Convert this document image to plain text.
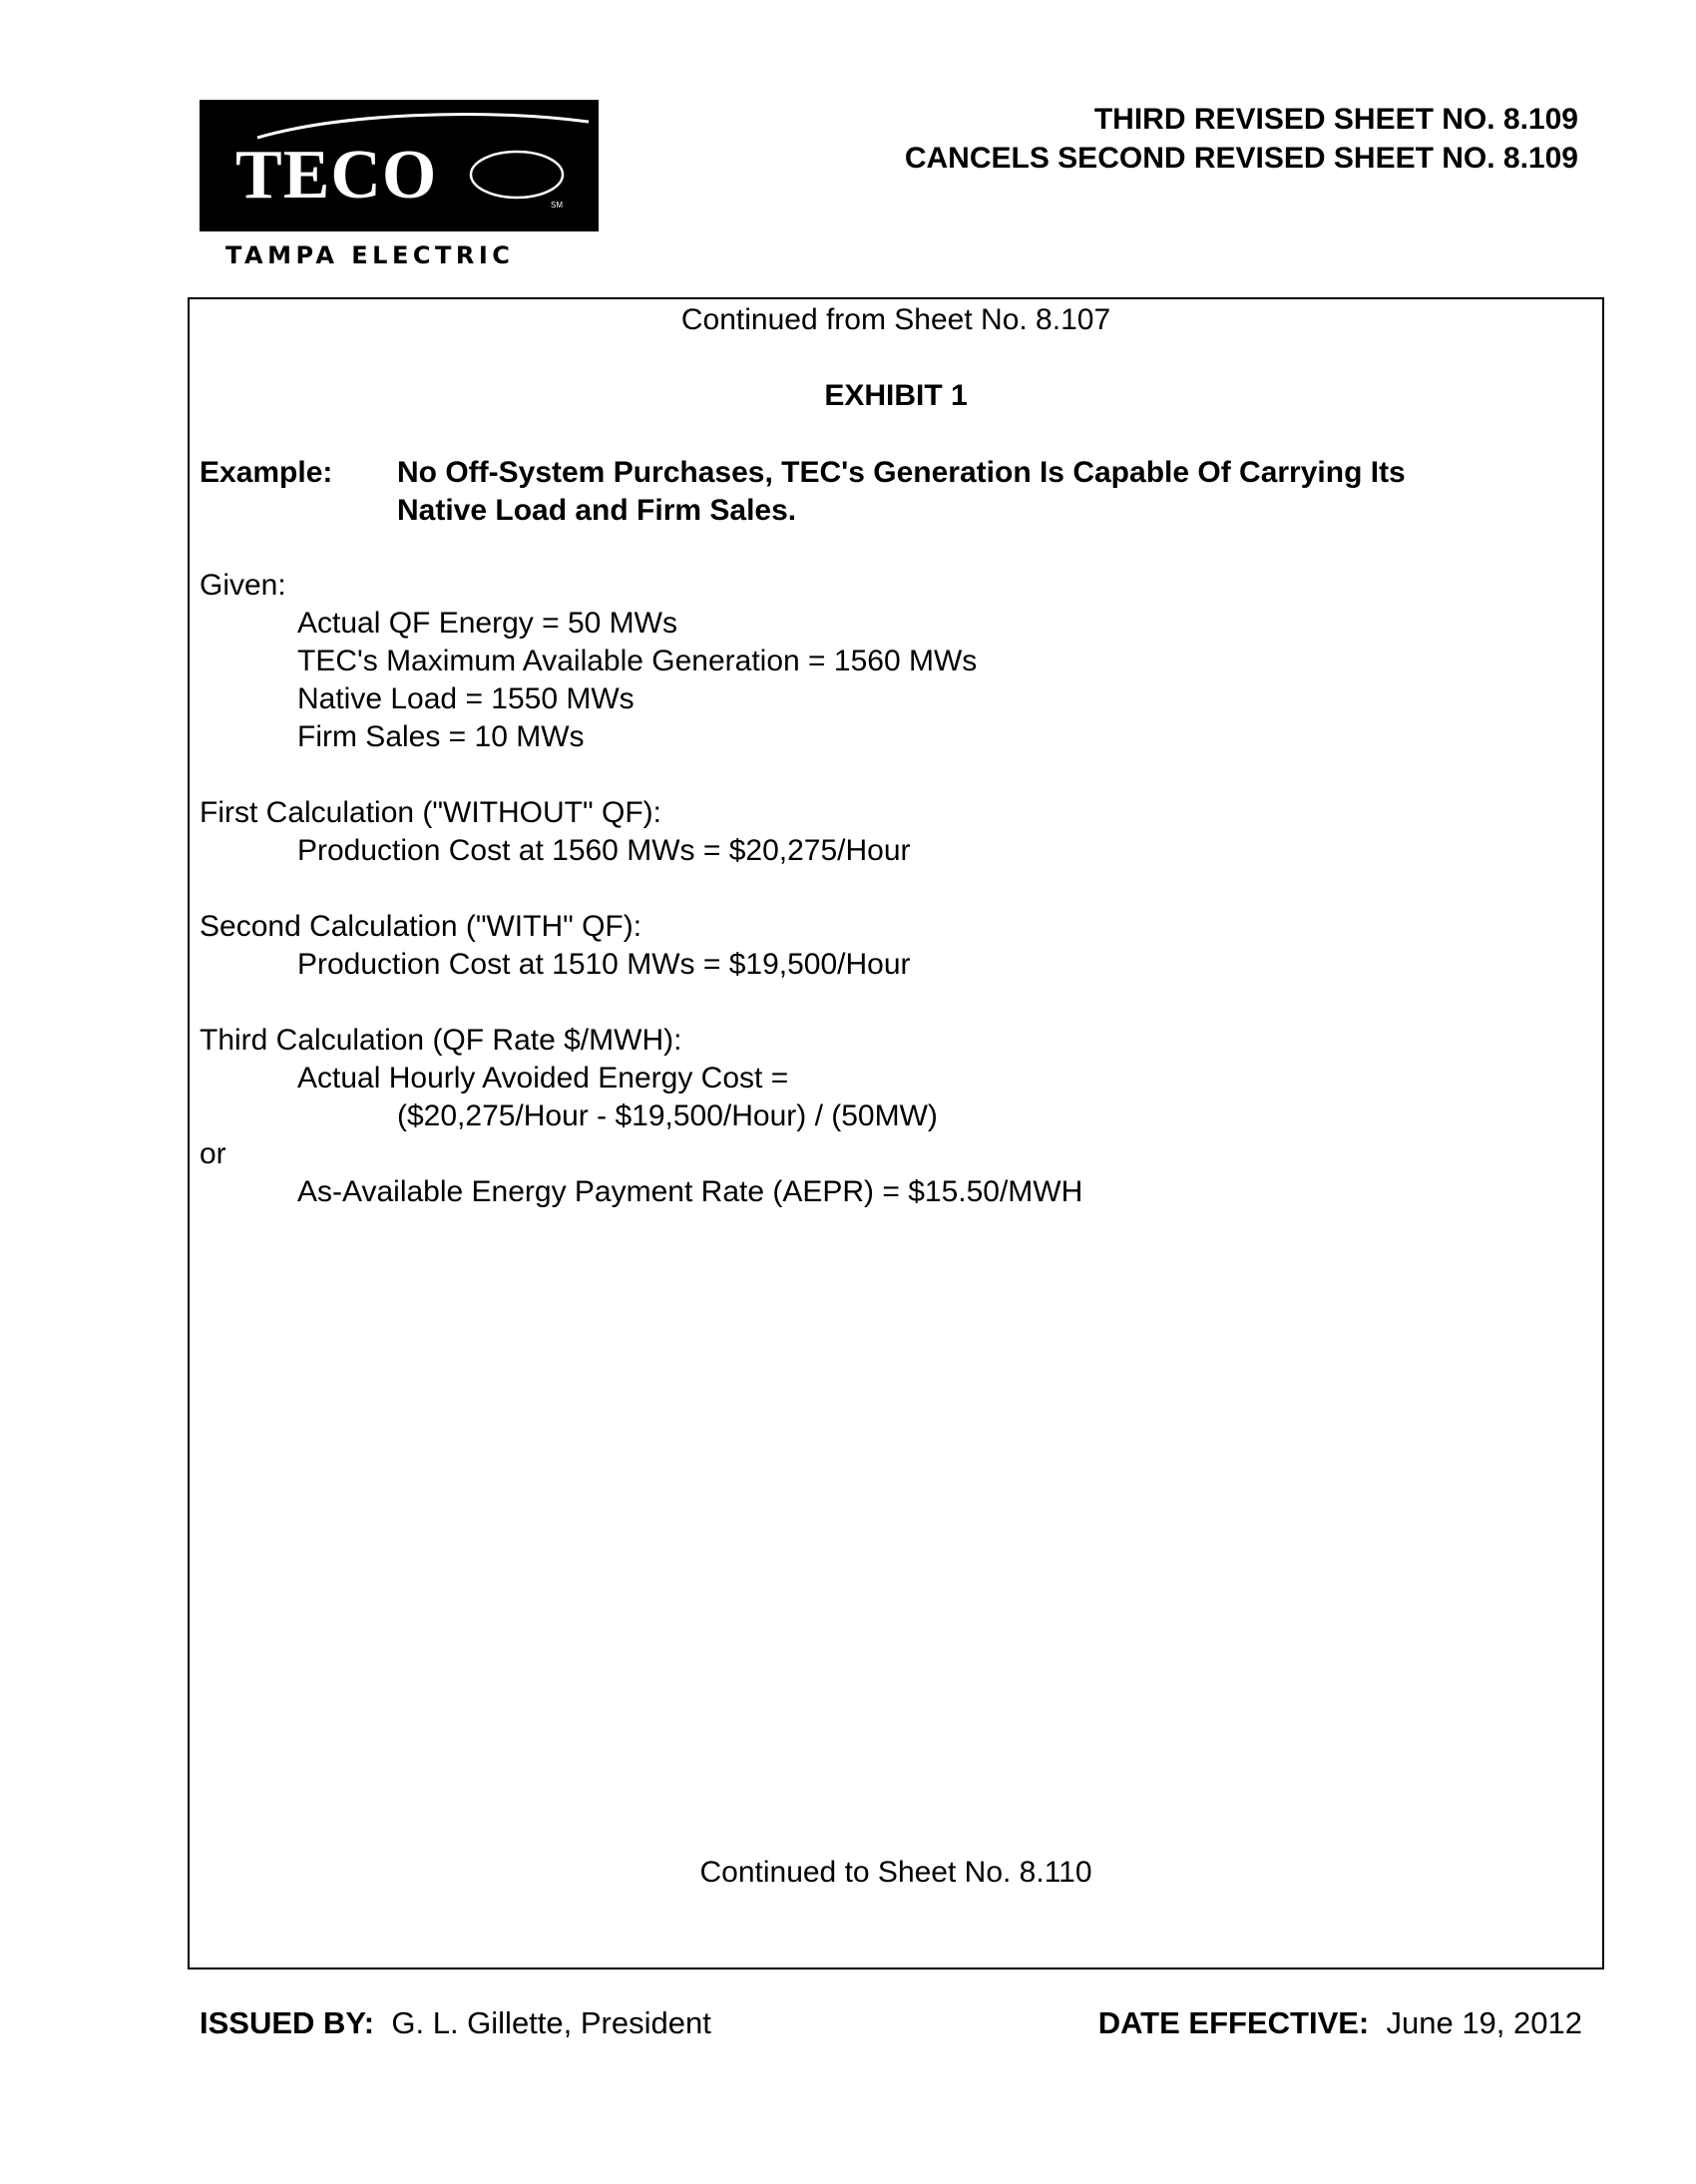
TECO	SM
TAMPA ELECTRIC
THIRD REVISED SHEET NO. 8.109
CANCELS SECOND REVISED SHEET NO. 8.109
Continued from Sheet No. 8.107
EXHIBIT 1
Example: No Off-System Purchases, TEC's Generation Is Capable Of Carrying Its
Native Load and Firm Sales.
Given:
Actual QF Energy = 50 MWs
TEC's Maximum Available Generation = 1560 MWs
Native Load = 1550 MWs
Firm Sales = 10 MWs
First Calculation ("WITHOUT" QF):
Production Cost at 1560 MWs = $20,275/Hour
Second Calculation ("WITH" QF):
Production Cost at 1510 MWs = $19,500/Hour
Third Calculation (QF Rate $/MWH):
Actual Hourly Avoided Energy Cost =
($20,275/Hour - $19,500/Hour) / (50MW)
or
As-Available Energy Payment Rate (AEPR) = $15.50/MWH
Continued to Sheet No. 8.110
ISSUED BY: G. L. Gillette, President	DATE EFFECTIVE: June 19, 2012
